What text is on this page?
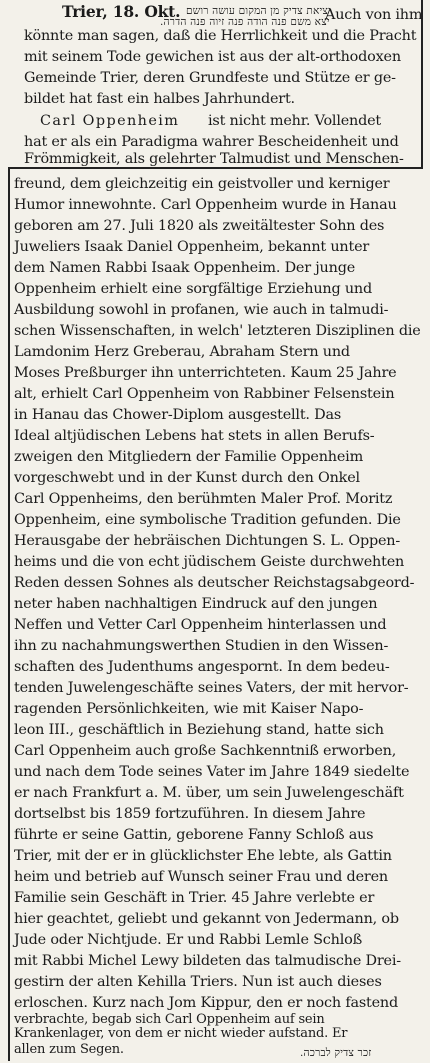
Trier, 18. Okt. יציאת צדיק מן המקום עושה רושם
יצא משם פנה הודה פנה זיוה פנה הדרה.
Auch von ihm
könnte man sagen, daß die Herrlichkeit und die Pracht
mit seinem Tode gewichen ist aus der alt-orthodoxen
Gemeinde Trier, deren Grundfeste und Stütze er ge-
bildet hat fast ein halbes Jahrhundert.
Carl Oppenheim ist nicht mehr. Vollendet
hat er als ein Paradigma wahrer Bescheidenheit und
Frömmigkeit, als gelehrter Talmudist und Menschen-
freund, dem gleichzeitig ein geistvoller und kerniger
Humor innewohnte. Carl Oppenheim wurde in Hanau
geboren am 27. Juli 1820 als zweitältester Sohn des
Juweliers Isaak Daniel Oppenheim, bekannt unter
dem Namen Rabbi Isaak Oppenheim. Der junge
Oppenheim erhielt eine sorgfältige Erziehung und
Ausbildung sowohl in profanen, wie auch in talmudi-
schen Wissenschaften, in welch' letzteren Disziplinen die
Lamdonim Herz Greberau, Abraham Stern und
Moses Preßburger ihn unterrichteten. Kaum 25 Jahre
alt, erhielt Carl Oppenheim von Rabbiner Felsenstein
in Hanau das Chower-Diplom ausgestellt. Das
Ideal altjüdischen Lebens hat stets in allen Berufs-
zweigen den Mitgliedern der Familie Oppenheim
vorgeschwebt und in der Kunst durch den Onkel
Carl Oppenheims, den berühmten Maler Prof. Moritz
Oppenheim, eine symbolische Tradition gefunden. Die
Herausgabe der hebräischen Dichtungen S. L. Oppen-
heims und die von echt jüdischem Geiste durchwehten
Reden dessen Sohnes als deutscher Reichstagsabgeord-
neter haben nachhaltigen Eindruck auf den jungen
Neffen und Vetter Carl Oppenheim hinterlassen und
ihn zu nachahmungswerthen Studien in den Wissen-
schaften des Judenthums angespornt. In dem bedeu-
tenden Juwelengeschäfte seines Vaters, der mit hervor-
ragenden Persönlichkeiten, wie mit Kaiser Napo-
leon III., geschäftlich in Beziehung stand, hatte sich
Carl Oppenheim auch große Sachkenntniß erworben,
und nach dem Tode seines Vater im Jahre 1849 siedelte
er nach Frankfurt a. M. über, um sein Juwelengeschäft
dortselbst bis 1859 fortzuführen. In diesem Jahre
führte er seine Gattin, geborene Fanny Schloß aus
Trier, mit der er in glücklichster Ehe lebte, als Gattin
heim und betrieb auf Wunsch seiner Frau und deren
Familie sein Geschäft in Trier. 45 Jahre verlebte er
hier geachtet, geliebt und gekannt von Jedermann, ob
Jude oder Nichtjude. Er und Rabbi Lemle Schloß
mit Rabbi Michel Lewy bildeten das talmudische Drei-
gestirn der alten Kehilla Triers. Nun ist auch dieses
erloschen. Kurz nach Jom Kippur, den er noch fastend
verbrachte, begab sich Carl Oppenheim auf sein
Krankenlager, von dem er nicht wieder aufstand. Er
allen zum Segen.	זכר צדיק לברכה.
